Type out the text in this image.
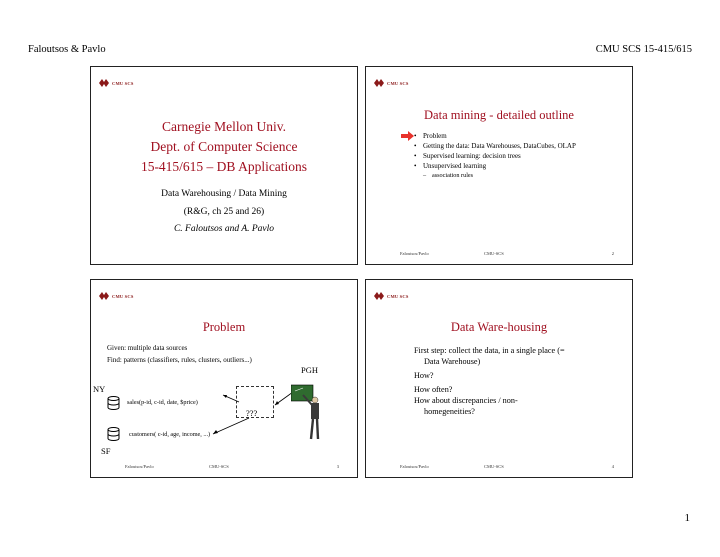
Faloutsos & Pavlo	CMU SCS 15-415/615
CMU SCS
Carnegie Mellon Univ.
Dept. of Computer Science
15-415/615 – DB Applications
Data Warehousing / Data Mining
(R&G, ch 25 and 26)
C. Faloutsos and A. Pavlo
CMU SCS
Data mining - detailed outline
• Problem
• Getting the data: Data Warehouses, DataCubes, OLAP
• Supervised learning: decision trees
• Unsupervised learning
– association rules
Faloutsos/Pavlo	CMU-SCS	2
CMU SCS
Problem
Given: multiple data sources
Find: patterns (classifiers, rules, clusters, outliers...)
PGH
NY
SF
sales(p-id, c-id, date, $price)
customers( c-id, age, income, ...)
???
Faloutsos/Pavlo	CMU-SCS	3
CMU SCS
Data Ware-housing
First step: collect the data, in a single place (=
Data Warehouse)
How?
How often?
How about discrepancies / non-
homegeneities?
Faloutsos/Pavlo	CMU-SCS	4
1
